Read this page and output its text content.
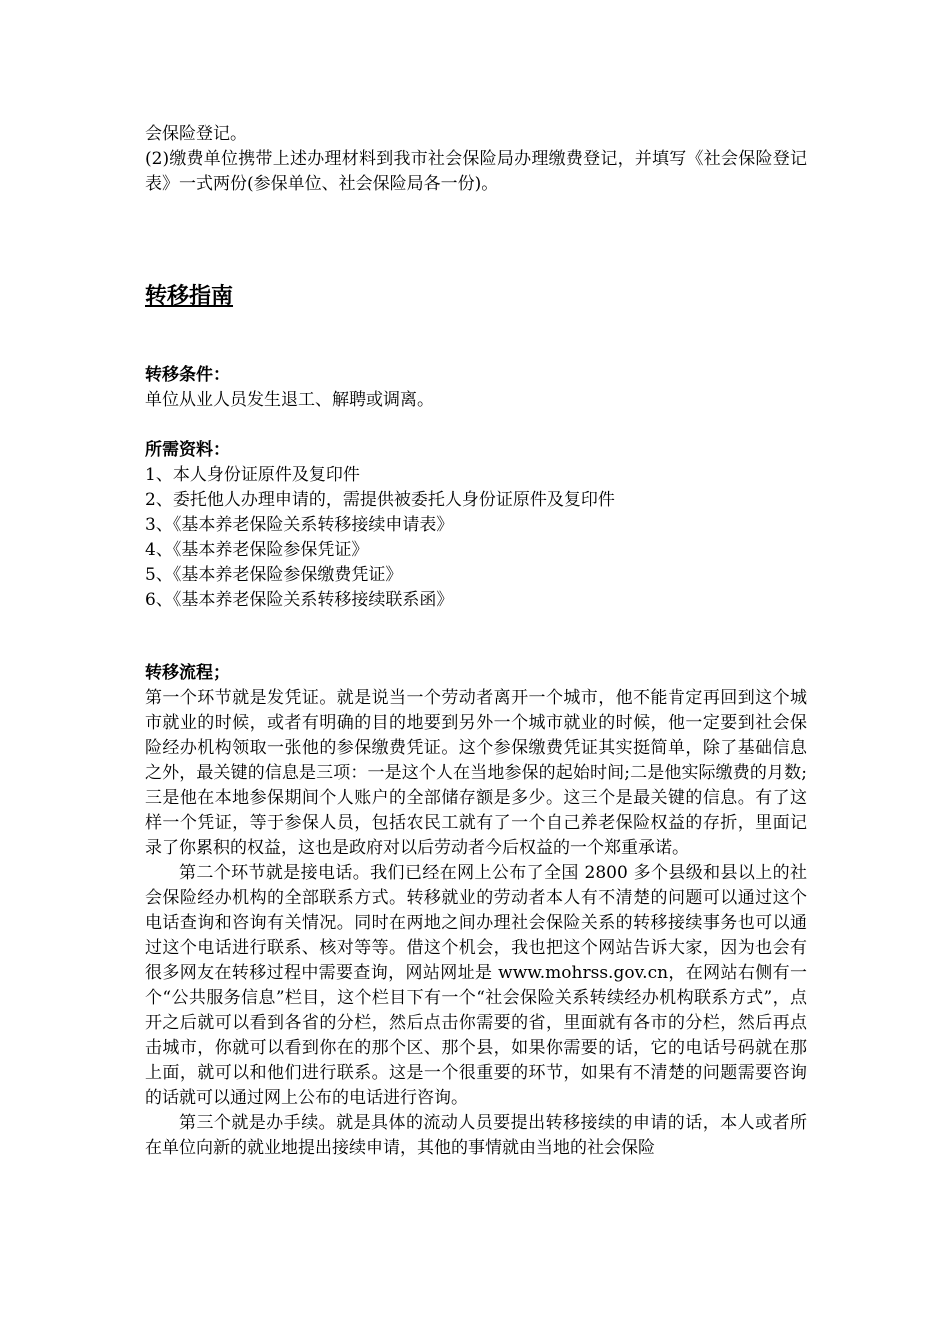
会保险登记。

(2)缴费单位携带上述办理材料到我市社会保险局办理缴费登记，并填写《社会保险登记表》一式两份(参保单位、社会保险局各一份)。

转移指南

转移条件：

单位从业人员发生退工、解聘或调离。

所需资料：

1、本人身份证原件及复印件
2、委托他人办理申请的，需提供被委托人身份证原件及复印件
3、《基本养老保险关系转移接续申请表》
4、《基本养老保险参保凭证》
5、《基本养老保险参保缴费凭证》
6、《基本养老保险关系转移接续联系函》

转移流程；

第一个环节就是发凭证。就是说当一个劳动者离开一个城市，他不能肯定再回到这个城市就业的时候，或者有明确的目的地要到另外一个城市就业的时候，他一定要到社会保险经办机构领取一张他的参保缴费凭证。这个参保缴费凭证其实挺简单，除了基础信息之外，最关键的信息是三项：一是这个人在当地参保的起始时间;二是他实际缴费的月数;三是他在本地参保期间个人账户的全部储存额是多少。这三个是最关键的信息。有了这样一个凭证，等于参保人员，包括农民工就有了一个自己养老保险权益的存折，里面记录了你累积的权益，这也是政府对以后劳动者今后权益的一个郑重承诺。

第二个环节就是接电话。我们已经在网上公布了全国 2800 多个县级和县以上的社会保险经办机构的全部联系方式。转移就业的劳动者本人有不清楚的问题可以通过这个电话查询和咨询有关情况。同时在两地之间办理社会保险关系的转移接续事务也可以通过这个电话进行联系、核对等等。借这个机会，我也把这个网站告诉大家，因为也会有很多网友在转移过程中需要查询，网站网址是 www.mohrss.gov.cn，在网站右侧有一个“公共服务信息”栏目，这个栏目下有一个“社会保险关系转续经办机构联系方式”，点开之后就可以看到各省的分栏，然后点击你需要的省，里面就有各市的分栏，然后再点击城市，你就可以看到你在的那个区、那个县，如果你需要的话，它的电话号码就在那上面，就可以和他们进行联系。这是一个很重要的环节，如果有不清楚的问题需要咨询的话就可以通过网上公布的电话进行咨询。

第三个就是办手续。就是具体的流动人员要提出转移接续的申请的话，本人或者所在单位向新的就业地提出接续申请，其他的事情就由当地的社会保险
